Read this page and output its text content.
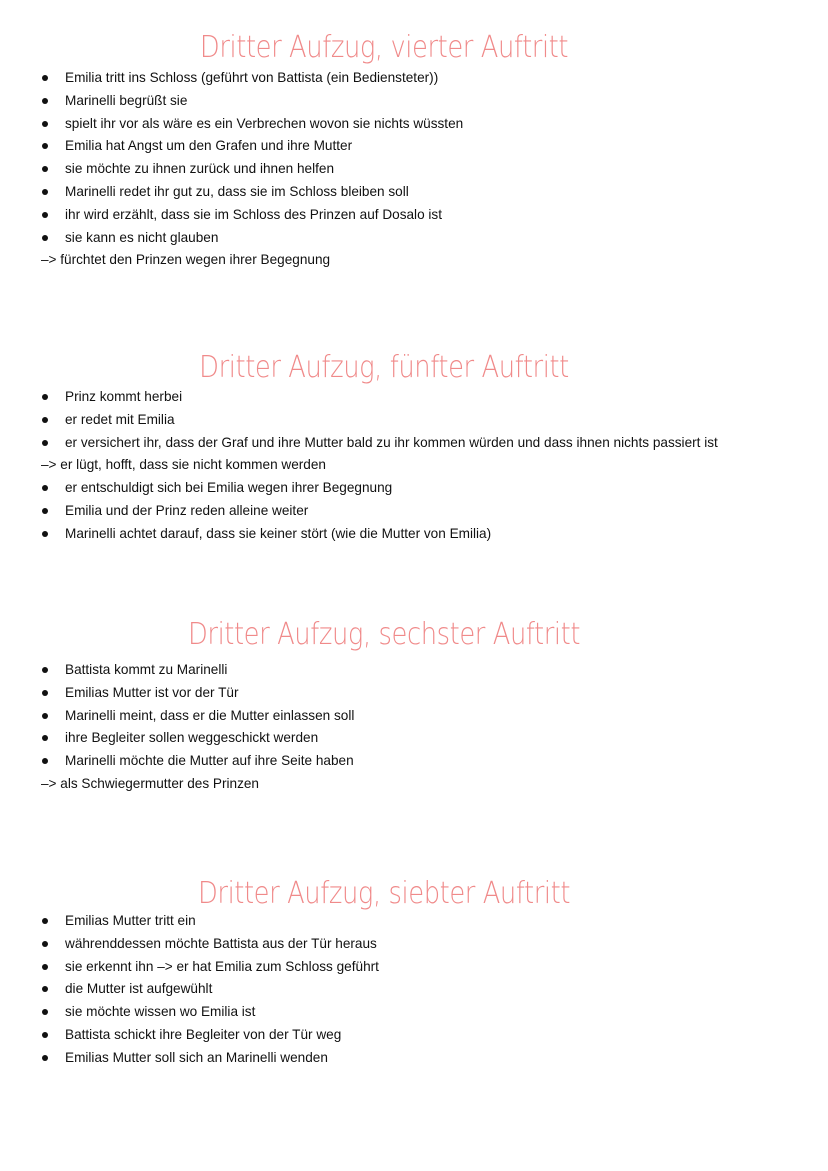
Dritter Aufzug, vierter Auftritt
Emilia tritt ins Schloss (geführt von Battista (ein Bediensteter))
Marinelli begrüßt sie
spielt ihr vor als wäre es ein Verbrechen wovon sie nichts wüssten
Emilia hat Angst um den Grafen und ihre Mutter
sie möchte zu ihnen zurück und ihnen helfen
Marinelli redet ihr gut zu, dass sie im Schloss bleiben soll
ihr wird erzählt, dass sie im Schloss des Prinzen auf Dosalo ist
sie kann es nicht glauben
–> fürchtet den Prinzen wegen ihrer Begegnung
Dritter Aufzug, fünfter Auftritt
Prinz kommt herbei
er redet mit Emilia
er versichert ihr, dass der Graf und ihre Mutter bald zu ihr kommen würden und dass ihnen nichts passiert ist
–> er lügt, hofft, dass sie nicht kommen werden
er entschuldigt sich bei Emilia wegen ihrer Begegnung
Emilia und der Prinz reden alleine weiter
Marinelli achtet darauf, dass sie keiner stört (wie die Mutter von Emilia)
Dritter Aufzug, sechster Auftritt
Battista kommt zu Marinelli
Emilias Mutter ist vor der Tür
Marinelli meint, dass er die Mutter einlassen soll
ihre Begleiter sollen weggeschickt werden
Marinelli möchte die Mutter auf ihre Seite haben
–> als Schwiegermutter des Prinzen
Dritter Aufzug, siebter Auftritt
Emilias Mutter tritt ein
währenddessen möchte Battista aus der Tür heraus
sie erkennt ihn –> er hat Emilia zum Schloss geführt
die Mutter ist aufgewühlt
sie möchte wissen wo Emilia ist
Battista schickt ihre Begleiter von der Tür weg
Emilias Mutter soll sich an Marinelli wenden
